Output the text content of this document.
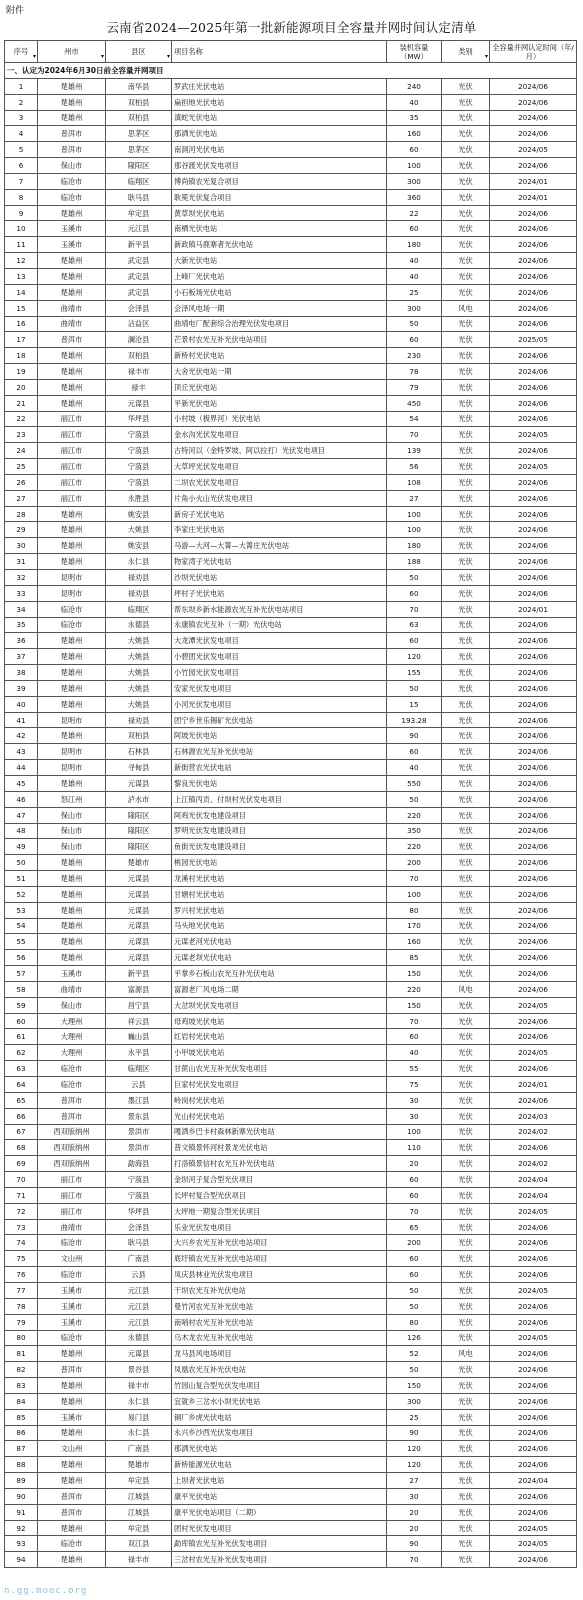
附件
云南省2024—2025年第一批新能源项目全容量并网时间认定清单
序号 ▾	州市 ▾	县区 ▾	项目名称	装机容量（MW）	类别 ▾	全容量并网认定时间（年/月）
一、认定为2024年6月30日前全容量并网项目						
1	楚雄州	南华县	罗武庄光伏电站	240	光伏	2024/06
2	楚雄州	双柏县	扁担地光伏电站	40	光伏	2024/06
3	楚雄州	双柏县	滇蛇光伏电站	35	光伏	2024/06
4	普洱市	思茅区	那洒光伏电站	160	光伏	2024/06
5	普洱市	思茅区	南洞河光伏电站	60	光伏	2024/05
6	保山市	隆阳区	那谷渡光伏发电项目	100	光伏	2024/06
7	临沧市	临翔区	博尚镇农光复合项目	300	光伏	2024/01
8	临沧市	耿马县	耿冕光伏复合项目	360	光伏	2024/01
9	楚雄州	牟定县	黄草坝光伏电站	22	光伏	2024/06
10	玉溪市	元江县	南栖光伏电站	60	光伏	2024/06
11	玉溪市	新平县	新政镇马鹿寨者光伏电站	180	光伏	2024/06
12	楚雄州	武定县	大新光伏电站	40	光伏	2024/06
13	楚雄州	武定县	上峰厂光伏电站	40	光伏	2024/06
14	楚雄州	武定县	小石板场光伏电站	25	光伏	2024/06
15	曲靖市	会泽县	会泽风电场一期	300	风电	2024/06
16	曲靖市	沾益区	曲靖电厂配套综合治理光伏发电项目	50	光伏	2024/06
17	普洱市	澜沧县	芒景村农光互补光伏电站项目	60	光伏	2025/05
18	楚雄州	双柏县	新桥村光伏电站	230	光伏	2024/06
19	楚雄州	禄丰市	大舍光伏电站一期	78	光伏	2024/06
20	楚雄州	禄丰	顶丘光伏电站	79	光伏	2024/06
21	楚雄州	元谋县	平新光伏电站	450	光伏	2024/06
22	丽江市	华坪县	小村坡（极界河）光伏电站	54	光伏	2024/06
23	丽江市	宁蒗县	金水沟光伏发电项目	70	光伏	2024/05
24	丽江市	宁蒗县	古特河以（金特罗坡、阿以拉打）光伏发电项目	139	光伏	2024/06
25	丽江市	宁蒗县	大草坪光伏发电项目	56	光伏	2024/05
26	丽江市	宁蒗县	二坝农光伏发电项目	108	光伏	2024/06
27	丽江市	永胜县	片角小火山光伏发电项目	27	光伏	2024/06
28	楚雄州	姚安县	新房子光伏电站	100	光伏	2024/06
29	楚雄州	大姚县	李家庄光伏电站	100	光伏	2024/06
30	楚雄州	姚安县	马游—大河—大箐—大箐庄光伏电站	180	光伏	2024/06
31	楚雄州	永仁县	物家湾子光伏电站	188	光伏	2024/06
32	昆明市	禄劝县	沙坝光伏电站	50	光伏	2024/06
33	昆明市	禄劝县	坪村子光伏电站	60	光伏	2024/06
34	临沧市	临翔区	帮东坝乡新水能源农光互补光伏电站项目	70	光伏	2024/01
35	临沧市	永德县	永康镇农光互补（一期）光伏电站	63	光伏	2024/06
36	楚雄州	大姚县	大龙潭光伏发电项目	60	光伏	2024/06
37	楚雄州	大姚县	小碧团光伏发电项目	120	光伏	2024/06
38	楚雄州	大姚县	小竹园光伏发电项目	155	光伏	2024/06
39	楚雄州	大姚县	安家光伏发电项目	50	光伏	2024/06
40	楚雄州	大姚县	小河光伏发电项目	15	光伏	2024/06
41	昆明市	禄劝县	团宁乡世乐锡矿光伏电站	193.28	光伏	2024/06
42	楚雄州	双柏县	阿坡光伏电站	90	光伏	2024/06
43	昆明市	石林县	石林源农光互补光伏电站	60	光伏	2024/06
44	昆明市	寻甸县	新街营农光伏电站	40	光伏	2024/06
45	楚雄州	元谋县	黎良光伏电站	550	光伏	2024/06
46	怒江州	泸水市	上江镇丙贡、付坝村光伏发电项目	50	光伏	2024/06
47	保山市	隆阳区	阿鸡光伏发电建设项目	220	光伏	2024/06
48	保山市	隆阳区	罗明光伏发电建设项目	350	光伏	2024/06
49	保山市	隆阳区	鱼街光伏发电建设项目	220	光伏	2024/06
50	楚雄州	楚雄市	桃园光伏电站	200	光伏	2024/06
51	楚雄州	元谋县	龙溪村光伏电站	70	光伏	2024/06
52	楚雄州	元谋县	甘塘村光伏电站	100	光伏	2024/06
53	楚雄州	元谋县	罗兴村光伏电站	80	光伏	2024/06
54	楚雄州	元谋县	马头地光伏电站	170	光伏	2024/06
55	楚雄州	元谋县	元谋老河光伏电站	160	光伏	2024/06
56	楚雄州	元谋县	元谋老坝光伏电站	85	光伏	2024/06
57	玉溪市	新平县	平掌乡石板山农光互补光伏电站	150	光伏	2024/06
58	曲靖市	富源县	富源老厂风电场二期	220	风电	2024/06
59	保山市	昌宁县	大岔坝光伏发电项目	150	光伏	2024/05
60	大理州	祥云县	母鸡坡光伏电站	70	光伏	2024/06
61	大理州	巍山县	红岩村光伏电站	60	光伏	2024/06
62	大理州	永平县	小甲坡光伏电站	40	光伏	2024/05
63	临沧市	临翔区	甘蔗山农光互补光伏发电项目	55	光伏	2024/06
64	临沧市	云县	巨家村光伏发电项目	75	光伏	2024/01
65	普洱市	墨江县	岭岗村光伏电站	30	光伏	2024/06
66	普洱市	景东县	光山村光伏电站	30	光伏	2024/03
67	西双版纳州	景洪市	嘎洒乡巴卡村森林新寨光伏电站	100	光伏	2024/02
68	西双版纳州	景洪市	普文镇景怀河村景龙光伏电站	110	光伏	2024/06
69	西双版纳州	勐海县	打洛镇景信村农光互补光伏电站	20	光伏	2024/02
70	丽江市	宁蒗县	金坝河子复合型光伏项目	60	光伏	2024/04
71	丽江市	宁蒗县	长坪村复合型光伏项目	60	光伏	2024/04
72	丽江市	华坪县	大坪地一期复合型光伏项目	70	光伏	2024/05
73	曲靖市	会泽县	乐业光伏发电项目	65	光伏	2024/06
74	临沧市	耿马县	大兴乡农光互补光伏电站项目	200	光伏	2024/06
75	文山州	广南县	底圩镇农光互补光伏电站项目	60	光伏	2024/06
76	临沧市	云县	凤庆县林业光伏发电项目	60	光伏	2024/06
77	玉溪市	元江县	干坝农光互补光伏电站	50	光伏	2024/05
78	玉溪市	元江县	曼竹河农光互补光伏电站	50	光伏	2024/06
79	玉溪市	元江县	南哨村农光互补光伏电站	80	光伏	2024/06
80	临沧市	永德县	乌木龙农光互补光伏电站	126	光伏	2024/05
81	楚雄州	元谋县	龙马县风电场项目	52	风电	2024/06
82	普洱市	景谷县	凤凰农光互补光伏电站	50	光伏	2024/06
83	楚雄州	禄丰市	竹园山复合型光伏发电项目	150	光伏	2024/06
84	楚雄州	永仁县	宜就乡三岔水小坝光伏电站	300	光伏	2024/06
85	玉溪市	易门县	铜厂乡虎光伏电站	25	光伏	2024/06
86	楚雄州	永仁县	永兴乡沙西光伏发电项目	90	光伏	2024/06
87	文山州	广南县	那洒光伏电站	120	光伏	2024/06
88	楚雄州	楚雄市	新桥能源光伏电站	120	光伏	2024/06
89	楚雄州	牟定县	上坝者光伏电站	27	光伏	2024/04
90	普洱市	江城县	康平光伏电站	30	光伏	2024/06
91	普洱市	江城县	康平光伏电站项目（二期）	20	光伏	2024/06
92	楚雄州	牟定县	团村光伏发电项目	20	光伏	2024/05
93	临沧市	双江县	勐库镇农光互补光伏发电项目	90	光伏	2024/05
94	楚雄州	禄丰市	三岔村农光互补光伏发电项目	70	光伏	2024/06
n.gg.mooc.org
